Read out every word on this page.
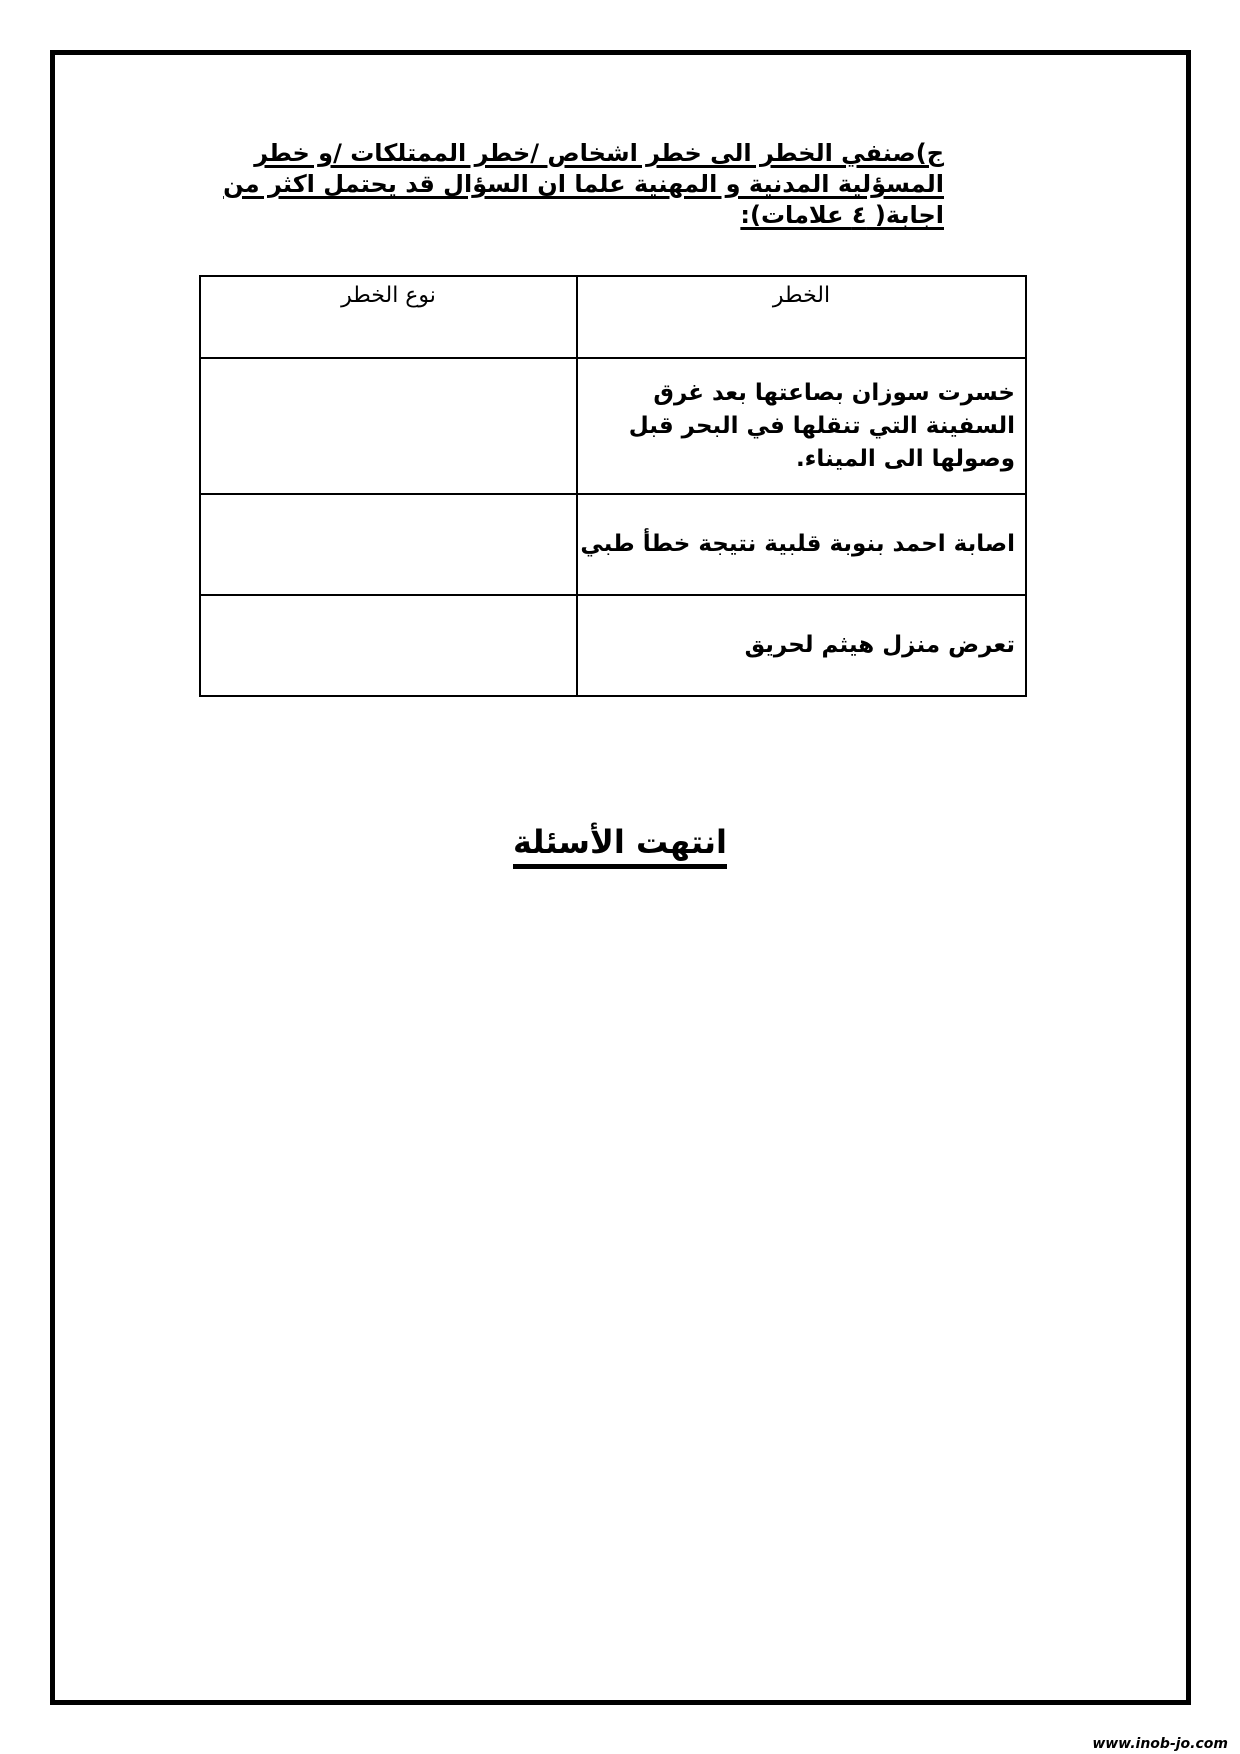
ج)صنفي الخطر الى خطر اشخاص /خطر الممتلكات /و خطر المسؤلية المدنية و المهنية علما ان السؤال قد يحتمل اكثر من اجابة( ٤ علامات):
الخطر	نوع الخطر
خسرت سوزان بصاعتها بعد غرق السفينة التي تنقلها في البحر قبل وصولها الى الميناء.	
اصابة احمد بنوبة قلبية نتيجة خطأ طبي	
تعرض منزل هيثم لحريق	
انتهت الأسئلة
www.inob-jo.com
